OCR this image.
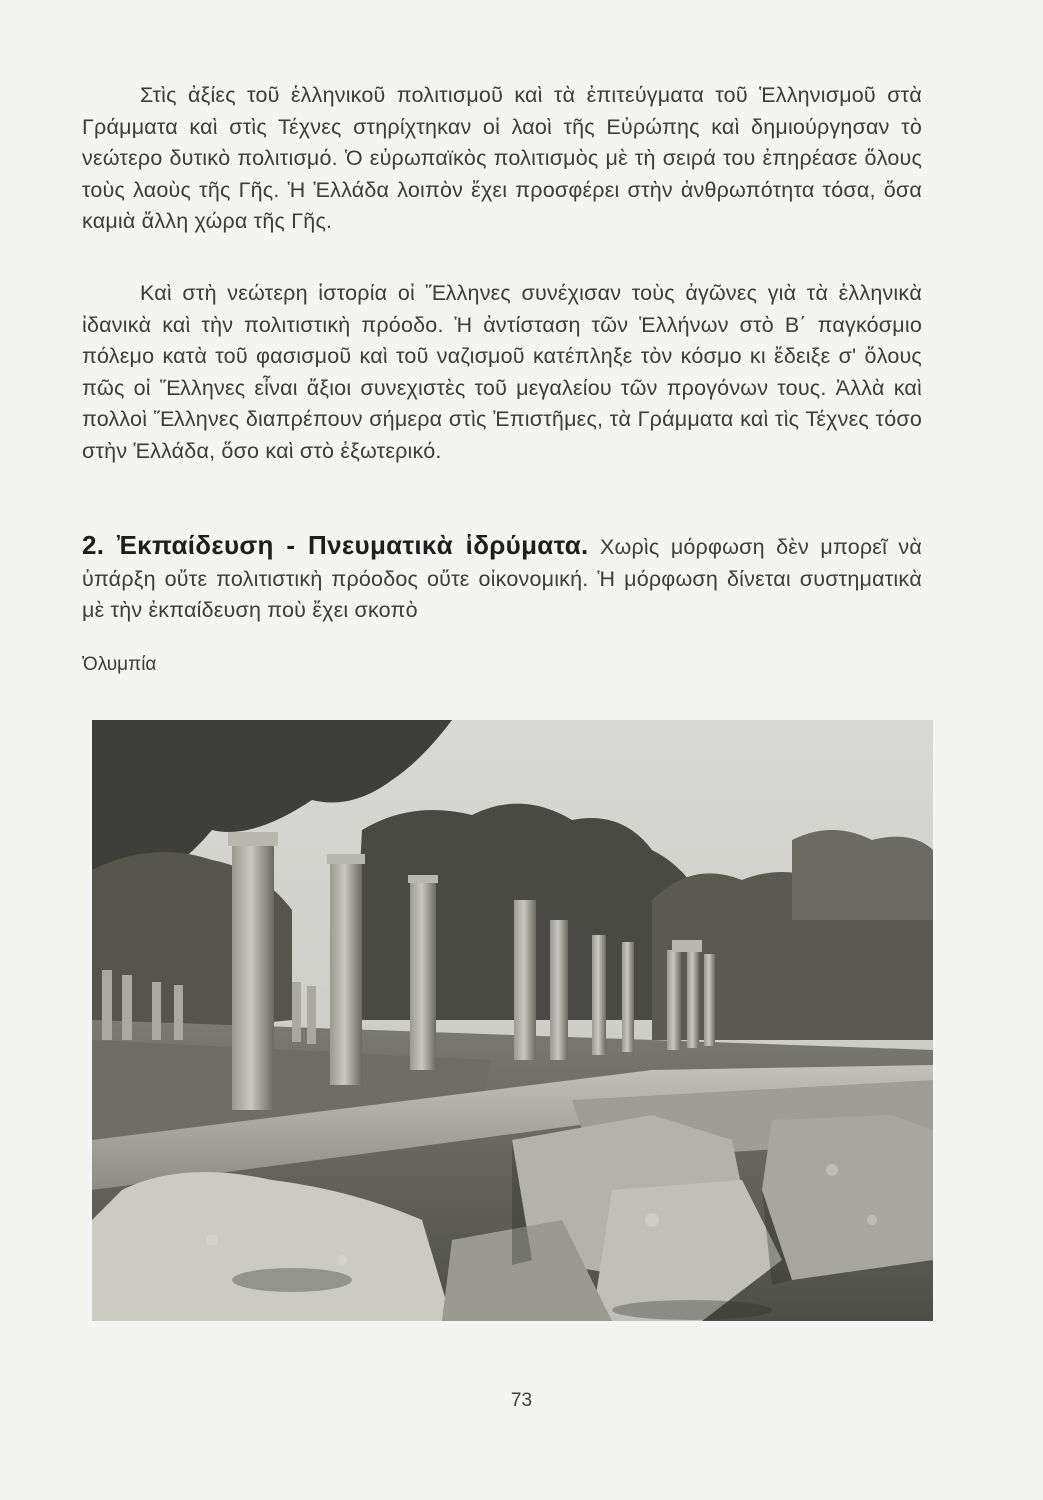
Στὶς ἀξίες τοῦ ἑλληνικοῦ πολιτισμοῦ καὶ τὰ ἐπιτεύγματα τοῦ Ἑλληνισμοῦ στὰ Γράμματα καὶ στὶς Τέχνες στηρίχτηκαν οἱ λαοὶ τῆς Εὐρώπης καὶ δημιούργησαν τὸ νεώτερο δυτικὸ πολιτισμό. Ὁ εὐρωπαϊκὸς πολιτισμὸς μὲ τὴ σειρά του ἐπηρέασε ὅλους τοὺς λαοὺς τῆς Γῆς. Ἡ Ἑλλάδα λοιπὸν ἔχει προσφέρει στὴν ἀνθρωπότητα τόσα, ὅσα καμιὰ ἄλλη χώρα τῆς Γῆς.

Καὶ στὴ νεώτερη ἱστορία οἱ Ἕλληνες συνέχισαν τοὺς ἀγῶνες γιὰ τὰ ἑλληνικὰ ἰδανικὰ καὶ τὴν πολιτιστικὴ πρόοδο. Ἡ ἀντίσταση τῶν Ἑλλήνων στὸ Β΄ παγκόσμιο πόλεμο κατὰ τοῦ φασισμοῦ καὶ τοῦ ναζισμοῦ κατέπληξε τὸν κόσμο κι ἔδειξε σ' ὅλους πῶς οἱ Ἕλληνες εἶναι ἄξιοι συνεχιστὲς τοῦ μεγαλείου τῶν προγόνων τους. Ἀλλὰ καὶ πολλοὶ Ἕλληνες διαπρέπουν σήμερα στὶς Ἐπιστῆμες, τὰ Γράμματα καὶ τὶς Τέχνες τόσο στὴν Ἑλλάδα, ὅσο καὶ στὸ ἐξωτερικό.

2. Ἐκπαίδευση - Πνευματικὰ ἱδρύματα. Χωρὶς μόρφωση δὲν μπορεῖ νὰ ὑπάρξη οὔτε πολιτιστικὴ πρόοδος οὔτε οἰκονομική. Ἡ μόρφωση δίνεται συστηματικὰ μὲ τὴν ἐκπαίδευση ποὺ ἔχει σκοπὸ
Ὀλυμπία
73
